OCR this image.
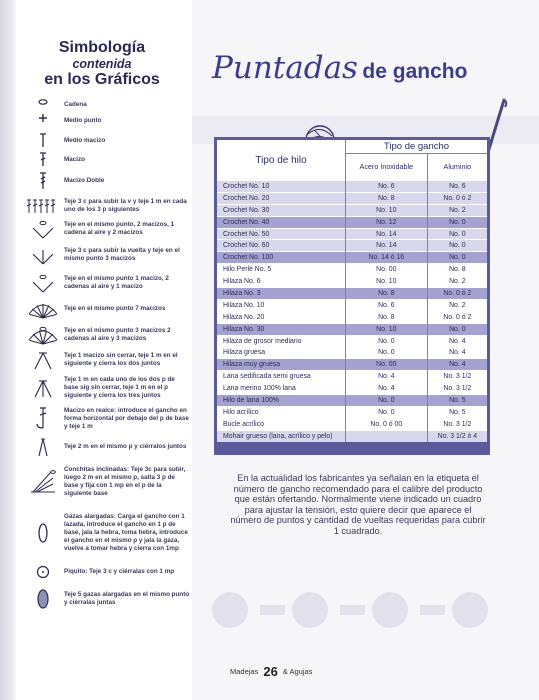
Simbología
contenida
en los Gráficos
Cadena
Medio punto
Medio macizo
Macizo
Macizo Doble
Teje 3 c para subir la v y teje 1 m en cada uno de los 3 p siguientes
Teje en el mismo punto, 2 macizos, 1 cadena al aire y 2 macizos
Teje 3 c para subir la vuelta y teje en el mismo punto 3 macizos
Teje en el mismo punto 1 macizo, 2 cadenas al aire y 1 macizo
Teje en el mismo punto 7 macizos
Teje en el mismo punto 3 macizos 2 cadenas al aire y 3 macizos
Teje 1 macizo sin cerrar, teje 1 m en el siguiente y cierra los dos juntos
Teje 1 m en cada uno de los dos p de base sig sin cerrar, teje 1 m en el p siguiente y cierra los tres juntos
Macizo en realce: introduce el gancho en forma horizontal por debajo del p de base y teje 1 m
Teje 2 m en el mismo p y ciérralos juntos
Conchitas inclinadas: Teje 3c para subir, luego 2 m en el mismo p, salta 3 p de base y fija con 1 mp en el p de la siguiente base
Gazas alargadas: Carga el gancho con 1 lazada, introduce el gancho en 1 p de base, jala la hebra, toma hebra, introduce el gancho en el mismo p y jala la gaza, vuelve a tomar hebra y cierra con 1mp
Piquito: Teje 3 c y ciérralas con 1 mp
Teje 5 gazas alargadas en el mismo punto y ciérralas juntas
Puntadas de gancho
Tipo de hilo	Tipo de gancho	
	Acero Inoxidable	Aluminio
Crochet No. 10	No. 6	No. 6
Crochet No. 20	No. 8	No. 0 ó 2
Crochet No. 30	No. 10	No. 2
Crochet No. 40	No. 12	No. 0
Crochet No. 50	No. 14	No. 0
Crochet No. 60	No. 14	No. 0
Crochet No. 100	No. 14 ó 16	No. 0
Hilo Perlé No. 5	No. 00	No. 8
Hilaza No. 6	No. 10	No. 2
Hilaza No. 3	No. 8	No. 0 ó 2
Hilaza No. 10	No. 6	No. 2
Hilaza No. 20	No. 8	No. 0 ó 2
Hilaza No. 30	No. 10	No. 0
Hilaza de grosor mediano	No. 0	No. 4
Hilaza gruesa	No. 0	No. 4
Hilaza muy gruesa	No. 00	No. 4
Lana sedificada semi gruesa	No. 4	No. 3 1/2
Lana merino 100% lana	No. 4	No. 3 1/2
Hilo de lana 100%	No. 0	No. 5
Hilo acrílico	No. 0	No. 5
Bucle acrílico	No. 0 ó 00	No. 3 1/2
Mohair grueso (lana, acrílico y pelo)		No. 3 1/2 ó 4
En la actualidad los fabricantes ya señalan en la etiqueta el número de gancho recomendado para el calibre del producto que están ofertando. Normalmente viene indicado un cuadro para ajustar la tensión, esto quiere decir que aparece el número de puntos y cantidad de vueltas requeridas para cubrir 1 cuadrado.
Madejas 26 & Agujas
